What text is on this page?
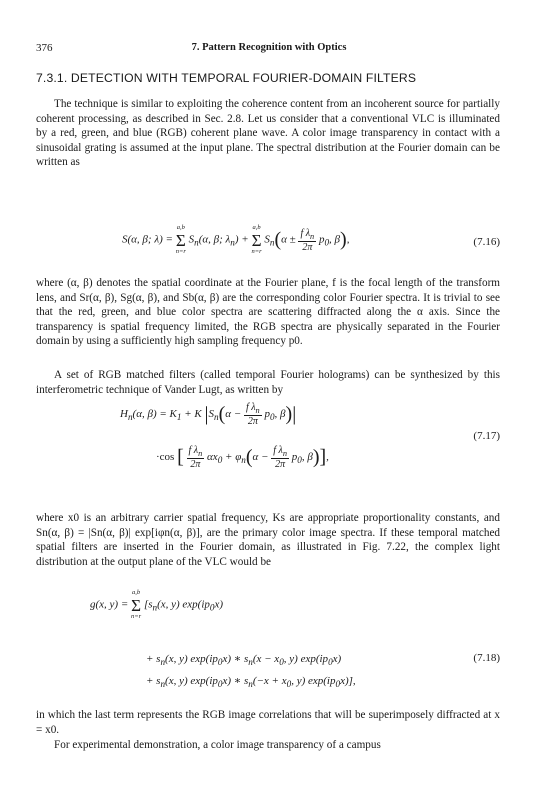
376	7. Pattern Recognition with Optics
7.3.1. DETECTION WITH TEMPORAL FOURIER-DOMAIN FILTERS

The technique is similar to exploiting the coherence content from an incoherent source for partially coherent processing, as described in Sec. 2.8. Let us consider that a conventional VLC is illuminated by a red, green, and blue (RGB) coherent plane wave. A color image transparency in contact with a sinusoidal grating is assumed at the input plane. The spectral distribution at the Fourier domain can be written as

S(α, β; λ) =
a,b
Σ
n=r
$S_n(\alpha$, β; $\lambda_n$) +
a,b
Σ
n=r
$S_n(\alpha \pm \frac{f \lambda_n}{2\pi} p_0$, β),	(7.16)

where (α, β) denotes the spatial coordinate at the Fourier plane, f is the focal length of the transform lens, and Sr(α, β), Sg(α, β), and Sb(α, β) are the corresponding color Fourier spectra. It is trivial to see that the red, green, and blue color spectra are scattering diffracted along the α axis. Since the transparency is spatial frequency limited, the RGB spectra are physically separated in the Fourier domain by using a sufficiently high sampling frequency p0.

A set of RGB matched filters (called temporal Fourier holograms) can be synthesized by this interferometric technique of Vander Lugt, as written by

$H_n(\alpha$, $\beta) = K_1 + K$ $|S_n(\alpha - \frac{f \lambda_n}{2\pi} p_0$, β)|
·cos [ $\frac{f \lambda_n}{2\pi} \alpha x_0 + \varphi_n(\alpha - \frac{f \lambda_n}{2\pi} p_0$, β)],
(7.17)

where x0 is an arbitrary carrier spatial frequency, Ks are appropriate proportionality constants, and Sn(α, β) = |Sn(α, β)| exp[iφn(α, β)], are the primary color image spectra. If these temporal matched spatial filters are inserted in the Fourier domain, as illustrated in Fig. 7.22, the complex light distribution at the output plane of the VLC would be

g(x, y) =
a,b
Σ
n=r
[$s_n(x$, y) $\exp(ip_0x)$
+ $s_n(x$, y) $\exp(ip_0x)$ ∗ $s_n(x - x_0$, y) $\exp(ip_0x)$
+ $s_n(x$, y) $\exp(ip_0x)$ ∗ $s_n(-x + x_0$, y) $\exp(ip_0x)$],
(7.18)

in which the last term represents the RGB image correlations that will be superimposely diffracted at x = x0.

For experimental demonstration, a color image transparency of a campus
